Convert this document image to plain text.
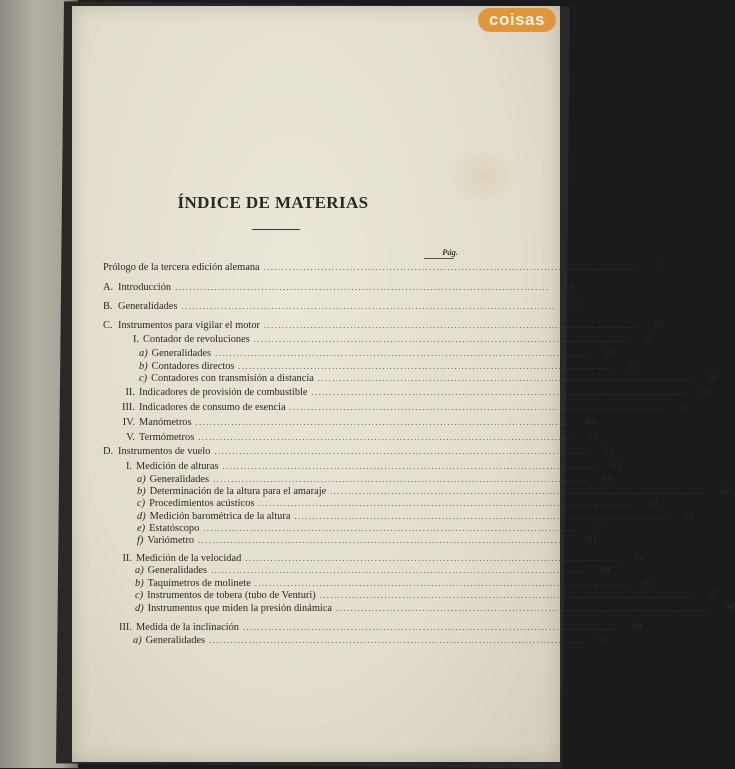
coisas
ÍNDICE DE MATERIAS
Pág.
Prólogo de la tercera edición alemana ........................................................................................................	5
A. Introducción ........................................................................................................	9
B. Generalidades ........................................................................................................	11
C. Instrumentos para vigilar el motor ........................................................................................................	19
I. Contador de revoluciones ........................................................................................................	19
a) Generalidades ........................................................................................................	19
b) Contadores directos ........................................................................................................	20
c) Contadores con transmisión a distancia ........................................................................................................	26
II. Indicadores de provisión de combustible ........................................................................................................	30
III. Indicadores de consumo de esencia ........................................................................................................	41
IV. Manómetros ........................................................................................................	44
V. Termómetros ........................................................................................................	53
D. Instrumentos de vuelo ........................................................................................................	61
I. Medición de alturas ........................................................................................................	61
a) Generalidades ........................................................................................................	61
b) Determinación de la altura para el amaraje ........................................................................................................	62
c) Procedimientos acústicos ........................................................................................................	64
d) Medición barométrica de la altura ........................................................................................................	71
e) Estatóscopo ........................................................................................................	77
f) Variómetro ........................................................................................................	81
II. Medición de la velocidad ........................................................................................................	84
a) Generalidades ........................................................................................................	84
b) Taquímetros de molinete ........................................................................................................	85
c) Instrumentos de tobera (tubo de Venturi) ........................................................................................................	87
d) Instrumentos que miden la presión dinámica ........................................................................................................	90
III. Medida de la inclinación ........................................................................................................	94
a) Generalidades ........................................................................................................	94
